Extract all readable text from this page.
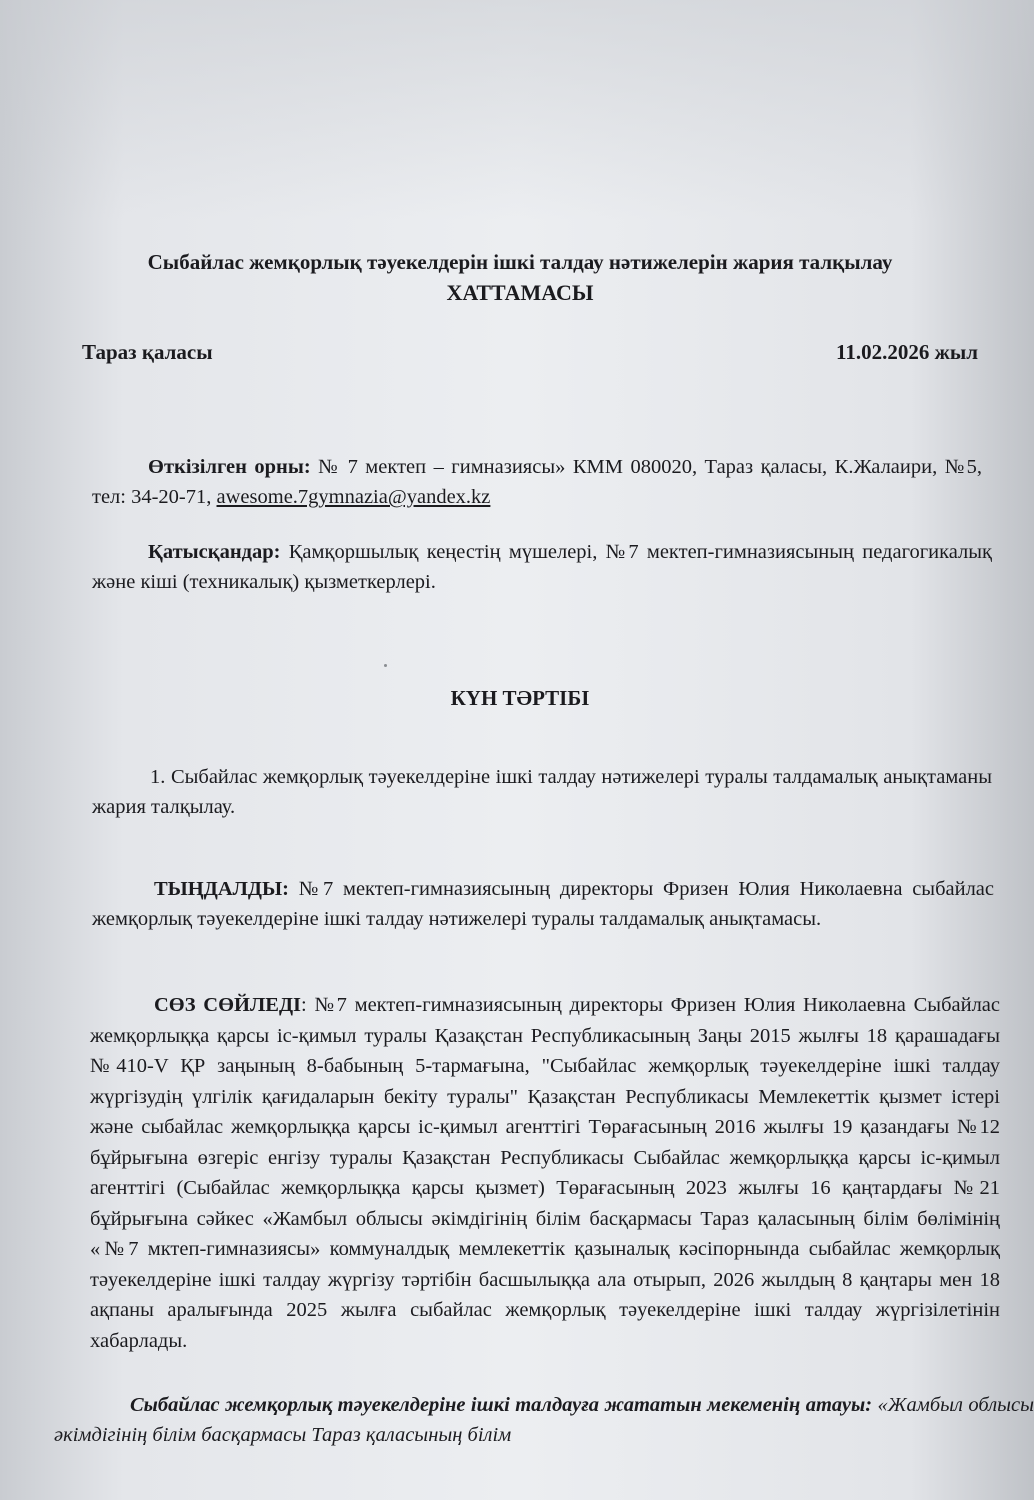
Сыбайлас жемқорлық тәуекелдерін ішкі талдау нәтижелерін жария талқылау
ХАТТАМАСЫ
Тараз қаласы	11.02.2026 жыл
Өткізілген орны: № 7 мектеп – гимназиясы» КММ 080020, Тараз қаласы, К.Жалаири, №5, тел: 34-20-71, awesome.7gymnazia@yandex.kz
Қатысқандар: Қамқоршылық кеңестің мүшелері, №7 мектеп-гимназиясының педагогикалық және кіші (техникалық) қызметкерлері.
КҮН ТӘРТІБІ
1. Сыбайлас жемқорлық тәуекелдеріне ішкі талдау нәтижелері туралы талдамалық анықтаманы жария талқылау.
ТЫҢДАЛДЫ: №7 мектеп-гимназиясының директоры Фризен Юлия Николаевна сыбайлас жемқорлық тәуекелдеріне ішкі талдау нәтижелері туралы талдамалық анықтамасы.
СӨЗ СӨЙЛЕДІ: №7 мектеп-гимназиясының директоры Фризен Юлия Николаевна Сыбайлас жемқорлыққа қарсы іс-қимыл туралы Қазақстан Республикасының Заңы 2015 жылғы 18 қарашадағы №410-V ҚР заңының 8-бабының 5-тармағына, "Сыбайлас жемқорлық тәуекелдеріне ішкі талдау жүргізудің үлгілік қағидаларын бекіту туралы" Қазақстан Республикасы Мемлекеттік қызмет істері және сыбайлас жемқорлыққа қарсы іс-қимыл агенттігі Төрағасының 2016 жылғы 19 қазандағы №12 бұйрығына өзгеріс енгізу туралы Қазақстан Республикасы Сыбайлас жемқорлыққа қарсы іс-қимыл агенттігі (Сыбайлас жемқорлыққа қарсы қызмет) Төрағасының 2023 жылғы 16 қаңтардағы №21 бұйрығына сәйкес «Жамбыл облысы әкімдігінің білім басқармасы Тараз қаласының білім бөлімінің «№7 мктеп-гимназиясы» коммуналдық мемлекеттік қазыналық кәсіпорнында сыбайлас жемқорлық тәуекелдеріне ішкі талдау жүргізу тәртібін басшылыққа ала отырып, 2026 жылдың 8 қаңтары мен 18 ақпаны аралығында 2025 жылға сыбайлас жемқорлық тәуекелдеріне ішкі талдау жүргізілетінін хабарлады.
Сыбайлас жемқорлық тәуекелдеріне ішкі талдауға жататын мекеменің атауы: «Жамбыл облысы әкімдігінің білім басқармасы Тараз қаласының білім
